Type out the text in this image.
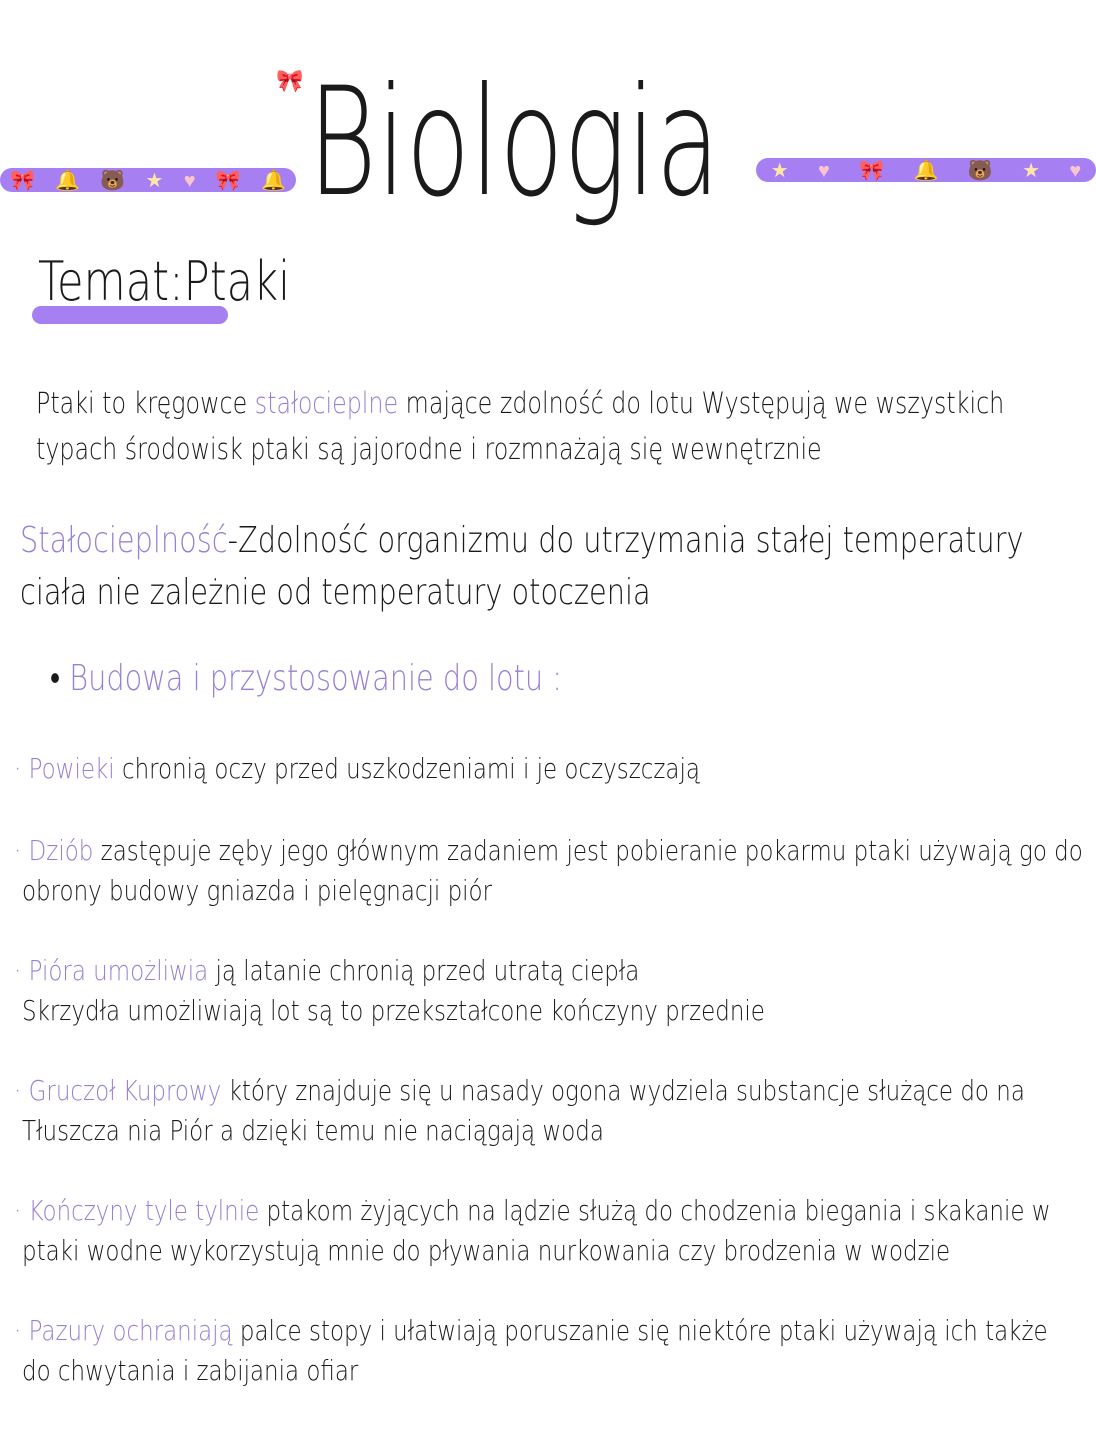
🎀 🔔 🐻 ★ ♥ 🎀 🔔	★ ♥ 🎀 🔔 🐻 ★ ♥
Biologia
🎀
Temat:Ptaki
Ptaki to kręgowce stałocieplne mające zdolność do lotu Występują we wszystkich
typach środowisk ptaki są jajorodne i rozmnażają się wewnętrznie
Stałocieplność-Zdolność organizmu do utrzymania stałej temperatury
ciała nie zależnie od temperatury otoczenia
• Budowa i przystosowanie do lotu :
· Powieki chronią oczy przed uszkodzeniami i je oczyszczają
· Dziób zastępuje zęby jego głównym zadaniem jest pobieranie pokarmu ptaki używają go do
obrony budowy gniazda i pielęgnacji piór
· Pióra umożliwia ją latanie chronią przed utratą ciepła
Skrzydła umożliwiają lot są to przekształcone kończyny przednie
· Gruczoł Kuprowy który znajduje się u nasady ogona wydziela substancje służące do na
Tłuszcza nia Piór a dzięki temu nie naciągają woda
· Kończyny tyle tylnie ptakom żyjących na lądzie służą do chodzenia biegania i skakanie w
ptaki wodne wykorzystują mnie do pływania nurkowania czy brodzenia w wodzie
· Pazury ochraniają palce stopy i ułatwiają poruszanie się niektóre ptaki używają ich także
do chwytania i zabijania ofiar
